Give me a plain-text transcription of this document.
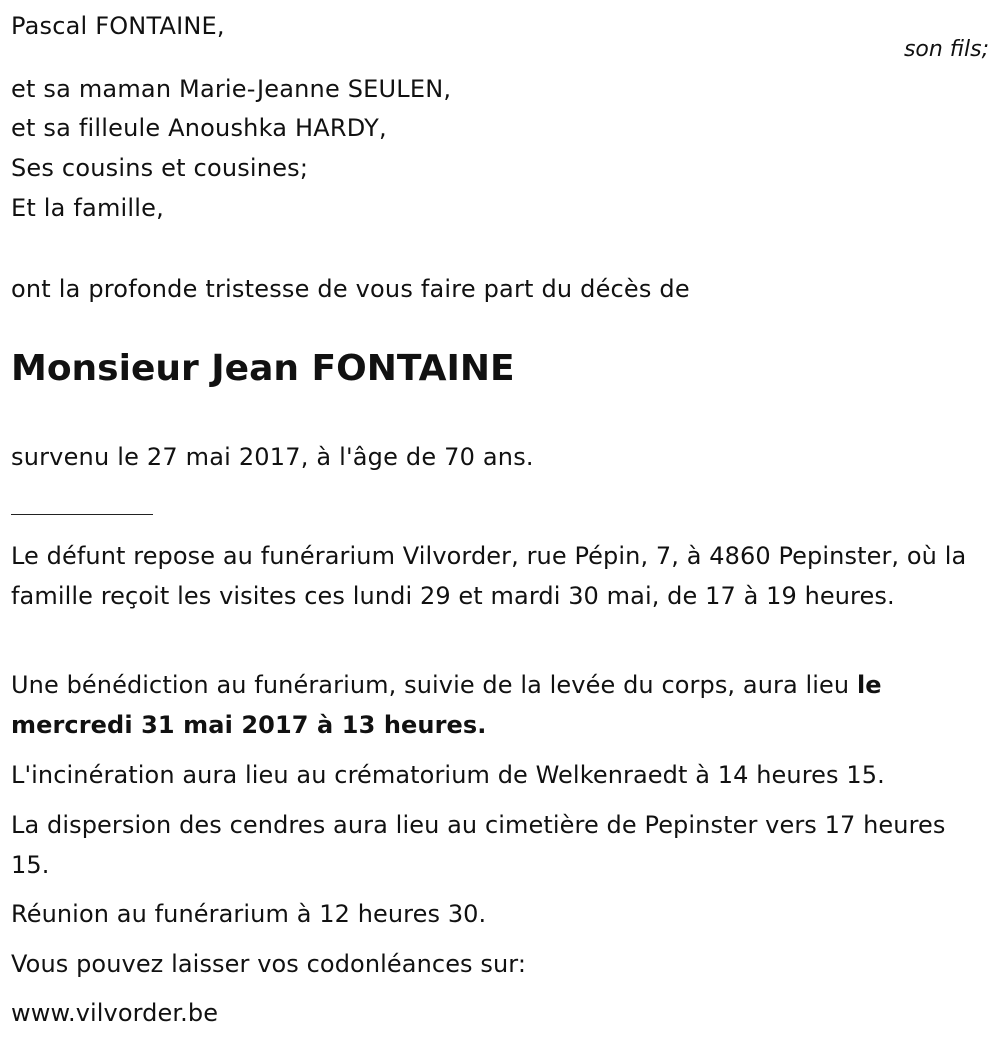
Pascal FONTAINE,
son fils;
et sa maman Marie-Jeanne SEULEN,
et sa filleule Anoushka HARDY,
Ses cousins et cousines;
Et la famille,
ont la profonde tristesse de vous faire part du décès de
Monsieur Jean FONTAINE
survenu le 27 mai 2017, à l'âge de 70 ans.
Le défunt repose au funérarium Vilvorder, rue Pépin, 7, à 4860 Pepinster, où la famille reçoit les visites ces lundi 29 et mardi 30 mai, de 17 à 19 heures.
Une bénédiction au funérarium, suivie de la levée du corps, aura lieu le mercredi 31 mai 2017 à 13 heures.
L'incinération aura lieu au crématorium de Welkenraedt à 14 heures 15.
La dispersion des cendres aura lieu au cimetière de Pepinster vers 17 heures 15.
Réunion au funérarium à 12 heures 30.
Vous pouvez laisser vos codonléances sur:
www.vilvorder.be
